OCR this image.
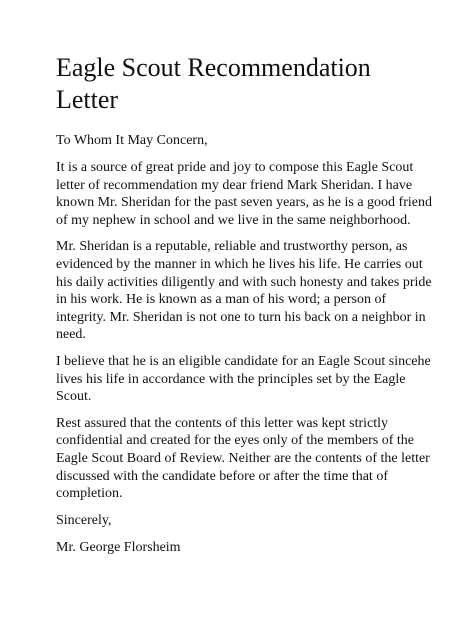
Eagle Scout Recommendation Letter

To Whom It May Concern,

It is a source of great pride and joy to compose this Eagle Scout letter of recommendation my dear friend Mark Sheridan. I have known Mr. Sheridan for the past seven years, as he is a good friend of my nephew in school and we live in the same neighborhood.

Mr. Sheridan is a reputable, reliable and trustworthy person, as evidenced by the manner in which he lives his life. He carries out his daily activities diligently and with such honesty and takes pride in his work. He is known as a man of his word; a person of integrity. Mr. Sheridan is not one to turn his back on a neighbor in need.

I believe that he is an eligible candidate for an Eagle Scout sincehe lives his life in accordance with the principles set by the Eagle Scout.

Rest assured that the contents of this letter was kept strictly confidential and created for the eyes only of the members of the Eagle Scout Board of Review. Neither are the contents of the letter discussed with the candidate before or after the time that of completion.

Sincerely,

Mr. George Florsheim
